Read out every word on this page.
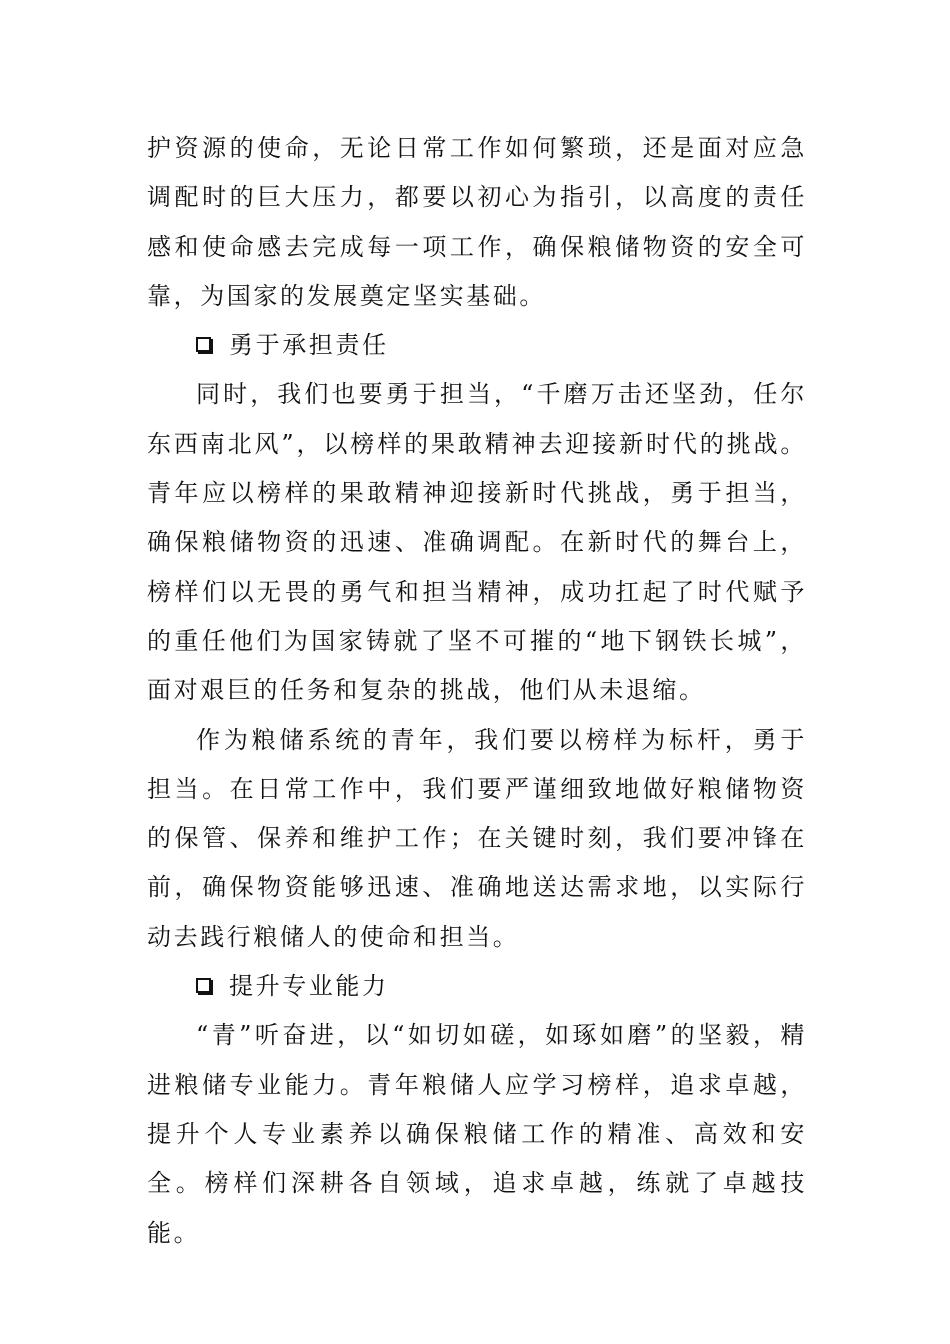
护资源的使命，无论日常工作如何繁琐，还是面对应急调配时的巨大压力，都要以初心为指引，以高度的责任感和使命感去完成每一项工作，确保粮储物资的安全可靠，为国家的发展奠定坚实基础。

勇于承担责任

同时，我们也要勇于担当，“千磨万击还坚劲，任尔东西南北风”，以榜样的果敢精神去迎接新时代的挑战。青年应以榜样的果敢精神迎接新时代挑战，勇于担当，确保粮储物资的迅速、准确调配。在新时代的舞台上，榜样们以无畏的勇气和担当精神，成功扛起了时代赋予的重任他们为国家铸就了坚不可摧的“地下钢铁长城”，面对艰巨的任务和复杂的挑战，他们从未退缩。

作为粮储系统的青年，我们要以榜样为标杆，勇于担当。在日常工作中，我们要严谨细致地做好粮储物资的保管、保养和维护工作；在关键时刻，我们要冲锋在前，确保物资能够迅速、准确地送达需求地，以实际行动去践行粮储人的使命和担当。

提升专业能力

“青”听奋进，以“如切如磋，如琢如磨”的坚毅，精进粮储专业能力。青年粮储人应学习榜样，追求卓越，提升个人专业素养以确保粮储工作的精准、高效和安全。榜样们深耕各自领域，追求卓越，练就了卓越技能。
